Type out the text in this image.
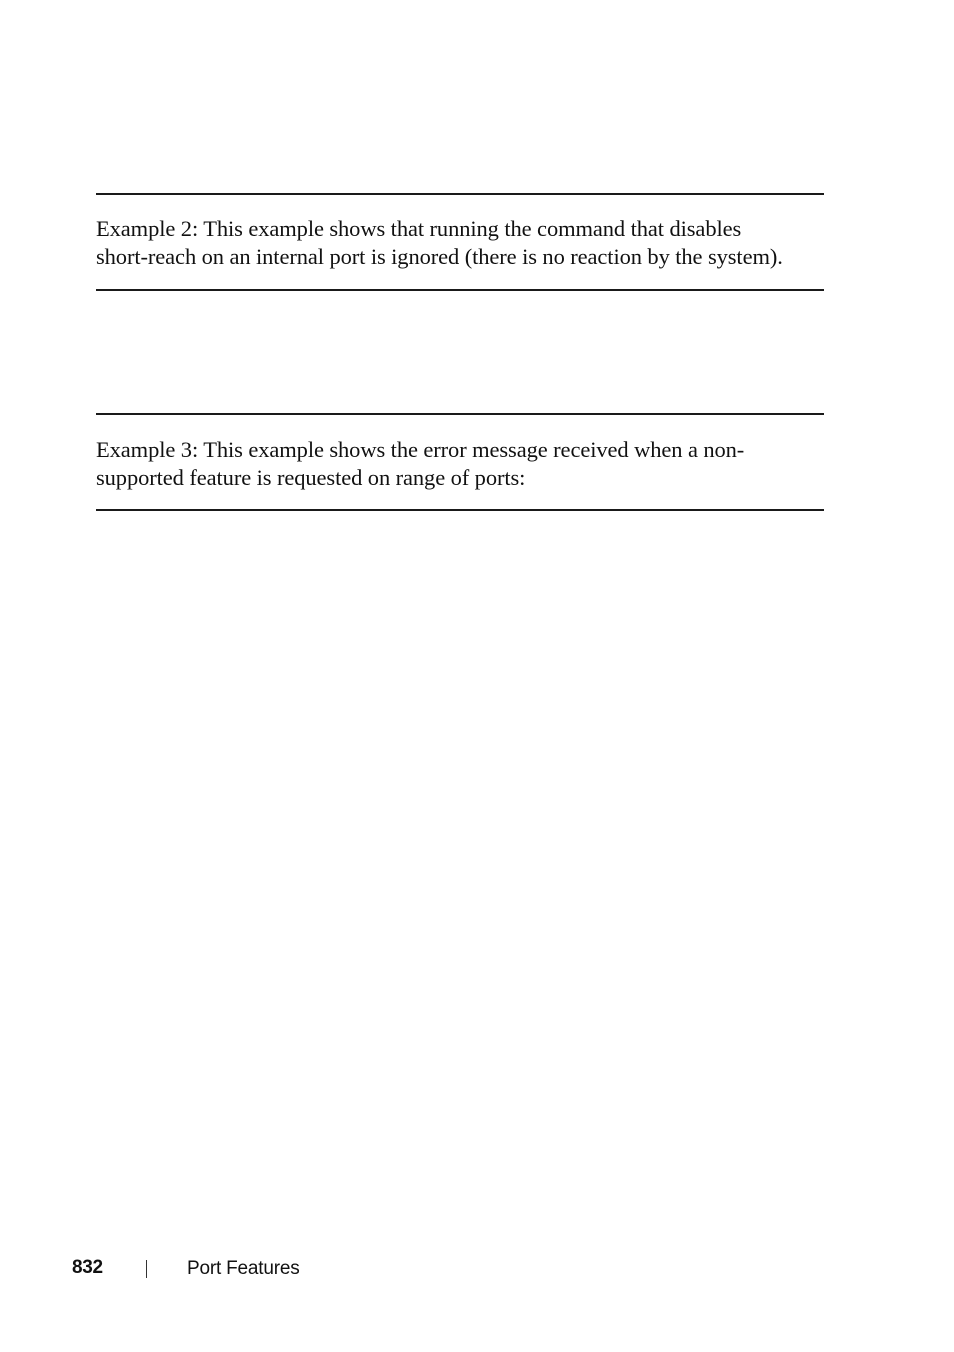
Example 2: This example shows that running the command that disables
short-reach on an internal port is ignored (there is no reaction by the system).
Example 3: This example shows the error message received when a non-
supported feature is requested on range of ports:
832	Port Features
